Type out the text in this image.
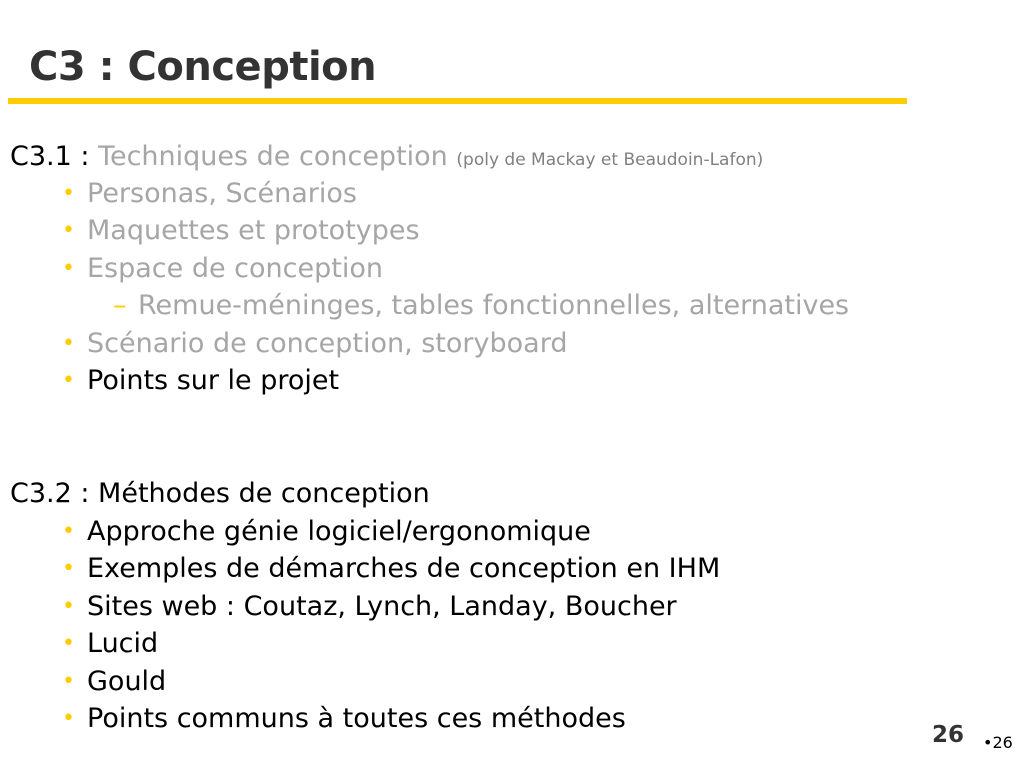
C3 : Conception
C3.1 : Techniques de conception (poly de Mackay et Beaudoin-Lafon)
• Personas, Scénarios
• Maquettes et prototypes
• Espace de conception
– Remue-méninges, tables fonctionnelles, alternatives
• Scénario de conception, storyboard
• Points sur le projet
C3.2 : Méthodes de conception
• Approche génie logiciel/ergonomique
• Exemples de démarches de conception en IHM
• Sites web : Coutaz, Lynch, Landay, Boucher
• Lucid
• Gould
• Points communs à toutes ces méthodes
26 •26
